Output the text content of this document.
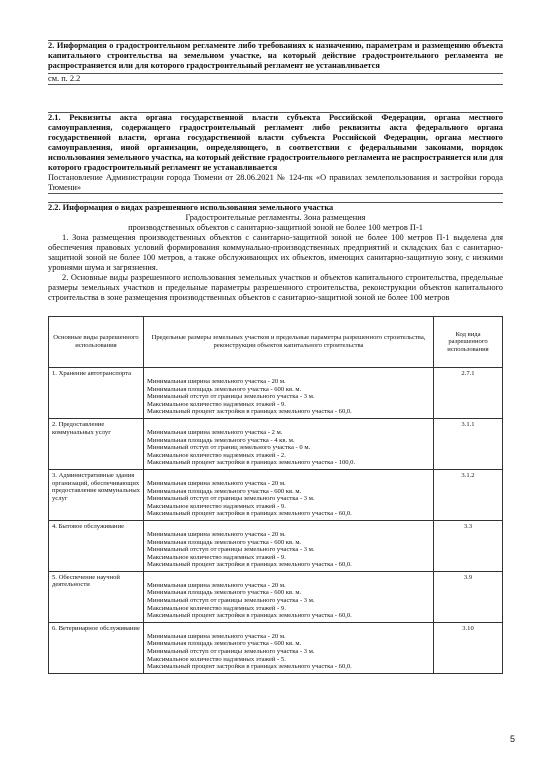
2. Информация о градостроительном регламенте либо требованиях к назначению, параметрам и размещению объекта капитального строительства на земельном участке, на который действие градостроительного регламента не распространяется или для которого градостроительный регламент не устанавливается

см. п. 2.2

2.1. Реквизиты акта органа государственной власти субъекта Российской Федерации, органа местного самоуправления, содержащего градостроительный регламент либо реквизиты акта федерального органа государственной власти, органа государственной власти субъекта Российской Федерации, органа местного самоуправления, иной организации, определяющего, в соответствии с федеральными законами, порядок использования земельного участка, на который действие градостроительного регламента не распространяется или для которого градостроительный регламент не устанавливается

Постановление Администрации города Тюмени от 28.06.2021 № 124-пк «О правилах землепользования и застройки города Тюмени»

2.2. Информация о видах разрешенного использования земельного участка

Градостроительные регламенты. Зона размещения

производственных объектов с санитарно-защитной зоной не более 100 метров П-1

1. Зона размещения производственных объектов с санитарно-защитной зоной не более 100 метров П-1 выделена для обеспечения правовых условий формирования коммунально-производственных предприятий и складских баз с санитарно-защитной зоной не более 100 метров, а также обслуживающих их объектов, имеющих санитарно-защитную зону, с низкими уровнями шума и загрязнения.

2. Основные виды разрешенного использования земельных участков и объектов капитального строительства, предельные размеры земельных участков и предельные параметры разрешенного строительства, реконструкции объектов капитального строительства в зоне размещения производственных объектов с санитарно-защитной зоной не более 100 метров

Основные виды разрешенного использования	Предельные размеры земельных участков и предельные параметры разрешенного строительства, реконструкции объектов капитального строительства	Код вида разрешенного использования
1. Хранение автотранспорта	Минимальная ширина земельного участка - 20 м.
Минимальная площадь земельного участка - 600 кв. м.
Минимальный отступ от границы земельного участка - 3 м.
Максимальное количество надземных этажей - 9.
Максимальный процент застройки в границах земельного участка - 60,0.	2.7.1
2. Предоставление коммунальных услуг	Минимальная ширина земельного участка - 2 м.
Минимальная площадь земельного участка - 4 кв. м.
Минимальный отступ от границ земельного участка - 0 м.
Максимальное количество надземных этажей - 2.
Максимальный процент застройки в границах земельного участка - 100,0.	3.1.1
3. Административные здания организаций, обеспечивающих предоставление коммунальных услуг	Минимальная ширина земельного участка - 20 м.
Минимальная площадь земельного участка - 600 кв. м.
Минимальный отступ от границы земельного участка - 3 м.
Максимальное количество надземных этажей - 9.
Максимальный процент застройки в границах земельного участка - 60,0.	3.1.2
4. Бытовое обслуживание	Минимальная ширина земельного участка - 20 м.
Минимальная площадь земельного участка - 600 кв. м.
Минимальный отступ от границы земельного участка - 3 м.
Максимальное количество надземных этажей - 9.
Максимальный процент застройки в границах земельного участка - 60,0.	3.3
5. Обеспечение научной деятельности	Минимальная ширина земельного участка - 20 м.
Минимальная площадь земельного участка - 600 кв. м.
Минимальный отступ от границы земельного участка - 3 м.
Максимальное количество надземных этажей - 9.
Максимальный процент застройки в границах земельного участка - 60,0.	3.9
6. Ветеринарное обслуживание	Минимальная ширина земельного участка - 20 м.
Минимальная площадь земельного участка - 600 кв. м.
Минимальный отступ от границы земельного участка - 3 м.
Максимальное количество надземных этажей - 5.
Максимальный процент застройки в границах земельного участка - 60,0.	3.10
5
